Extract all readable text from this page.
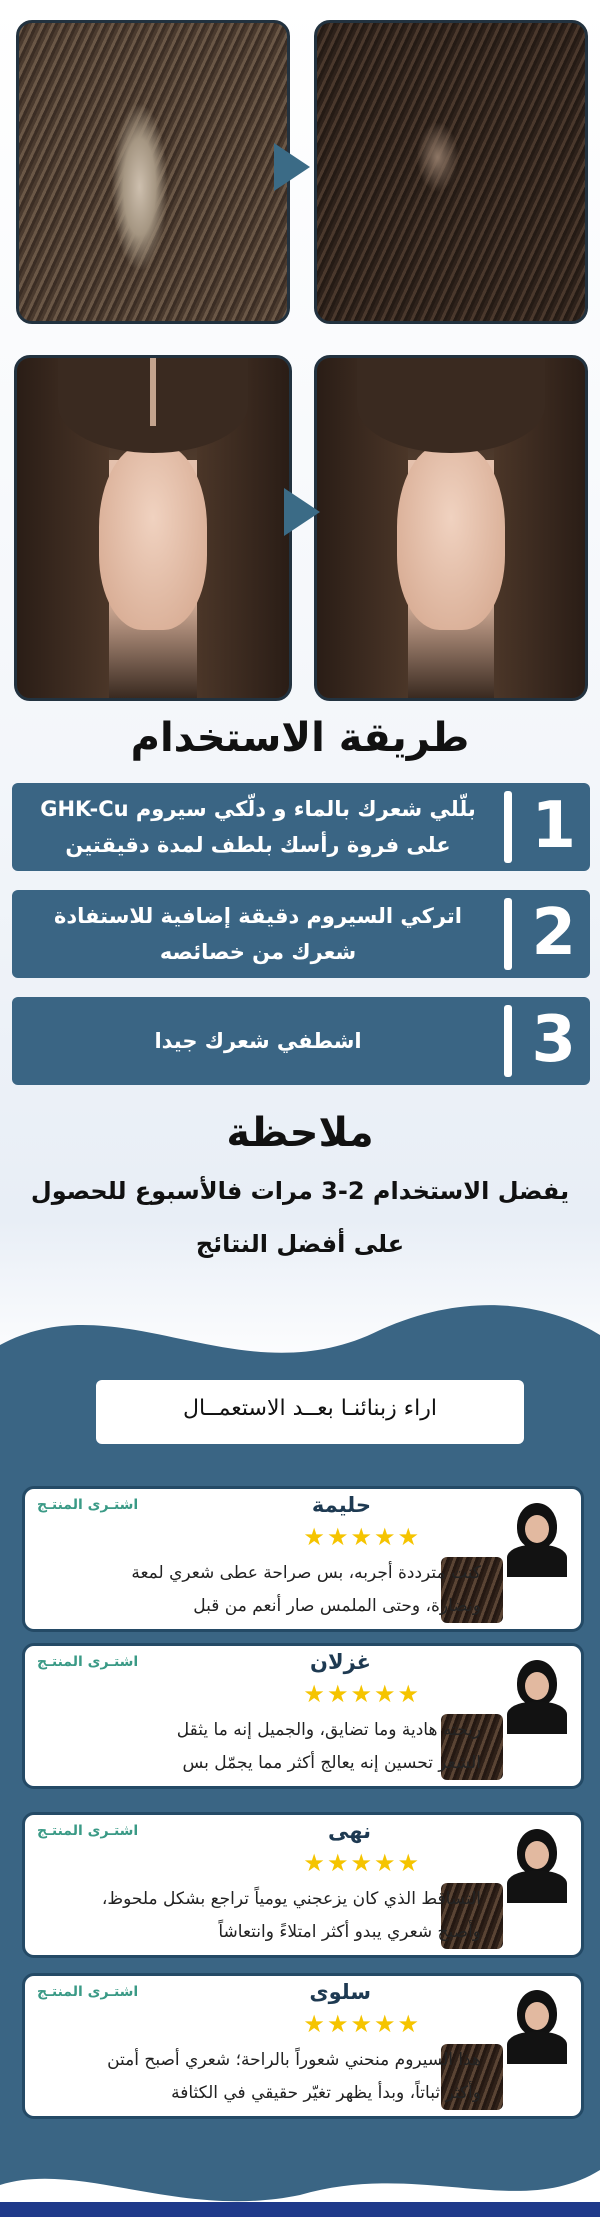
طريقة الاستخدام
1
بلّلي شعرك بالماء و دلّكي سيروم GHK-Cu على فروة رأسك بلطف لمدة دقيقتين
2
اتركي السيروم دقيقة إضافية للاستفادة شعرك من خصائصه
3
اشطفي شعرك جيدا
ملاحظة
يفضل الاستخدام 2-3 مرات فالأسبوع للحصول
على أفضل النتائج
اراء زبنائنـا بعــد الاستعمــال
حليمة
★★★★★
اشتـرى المنتـج
كنت مترددة أجربه، بس صراحة عطى شعري لمعة
ونضارة، وحتى الملمس صار أنعم من قبل
غزلان
★★★★★
اشتـرى المنتـج
ريحته هادية وما تضايق، والجميل إنه ما يثقل
الشعر تحسين إنه يعالج أكثر مما يجمّل بس
نهى
★★★★★
اشتـرى المنتـج
التساقط الذي كان يزعجني يومياً تراجع بشكل ملحوظ،
وأصبح شعري يبدو أكثر امتلاءً وانتعاشاً
سلوى
★★★★★
اشتـرى المنتـج
هذا السيروم منحني شعوراً بالراحة؛ شعري أصبح أمتن
وأكثر ثباتاً، وبدأ يظهر تغيّر حقيقي في الكثافة
